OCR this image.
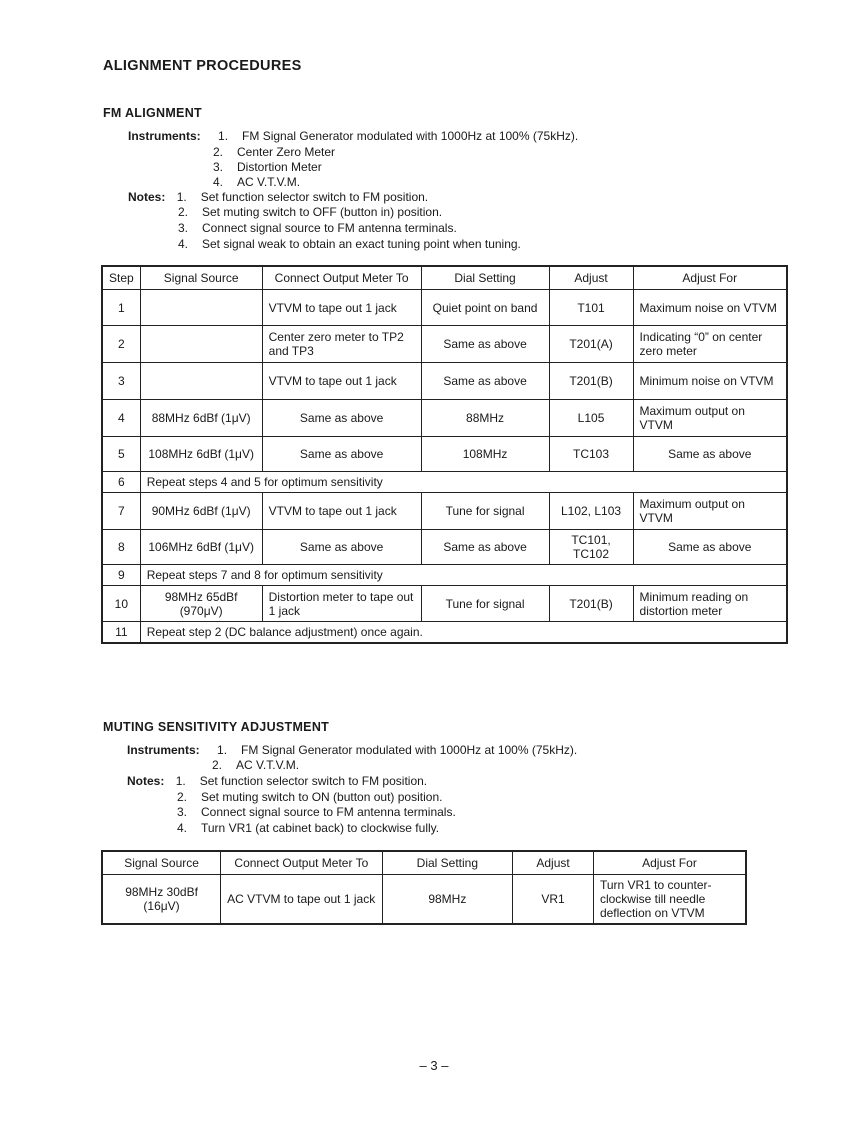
ALIGNMENT PROCEDURES
FM ALIGNMENT
Instruments: 1. FM Signal Generator modulated with 1000Hz at 100% (75kHz).
2. Center Zero Meter
3. Distortion Meter
4. AC V.T.V.M.
Notes: 1. Set function selector switch to FM position.
2. Set muting switch to OFF (button in) position.
3. Connect signal source to FM antenna terminals.
4. Set signal weak to obtain an exact tuning point when tuning.
Step	Signal Source	Connect Output Meter To	Dial Setting	Adjust	Adjust For
1		VTVM to tape out 1 jack	Quiet point on band	T101	Maximum noise on VTVM
2		Center zero meter to TP2 and TP3	Same as above	T201(A)	Indicating “0” on center zero meter
3		VTVM to tape out 1 jack	Same as above	T201(B)	Minimum noise on VTVM
4	88MHz 6dBf (1μV)	Same as above	88MHz	L105	Maximum output on VTVM
5	108MHz 6dBf (1μV)	Same as above	108MHz	TC103	Same as above
6	Repeat steps 4 and 5 for optimum sensitivity				
7	90MHz 6dBf (1μV)	VTVM to tape out 1 jack	Tune for signal	L102, L103	Maximum output on VTVM
8	106MHz 6dBf (1μV)	Same as above	Same as above	TC101, TC102	Same as above
9	Repeat steps 7 and 8 for optimum sensitivity				
10	98MHz 65dBf (970μV)	Distortion meter to tape out 1 jack	Tune for signal	T201(B)	Minimum reading on distortion meter
11	Repeat step 2 (DC balance adjustment) once again.				
MUTING SENSITIVITY ADJUSTMENT
Instruments: 1. FM Signal Generator modulated with 1000Hz at 100% (75kHz).
2. AC V.T.V.M.
Notes: 1. Set function selector switch to FM position.
2. Set muting switch to ON (button out) position.
3. Connect signal source to FM antenna terminals.
4. Turn VR1 (at cabinet back) to clockwise fully.
Signal Source	Connect Output Meter To	Dial Setting	Adjust	Adjust For
98MHz 30dBf (16μV)	AC VTVM to tape out 1 jack	98MHz	VR1	Turn VR1 to counter-clockwise till needle deflection on VTVM
– 3 –
